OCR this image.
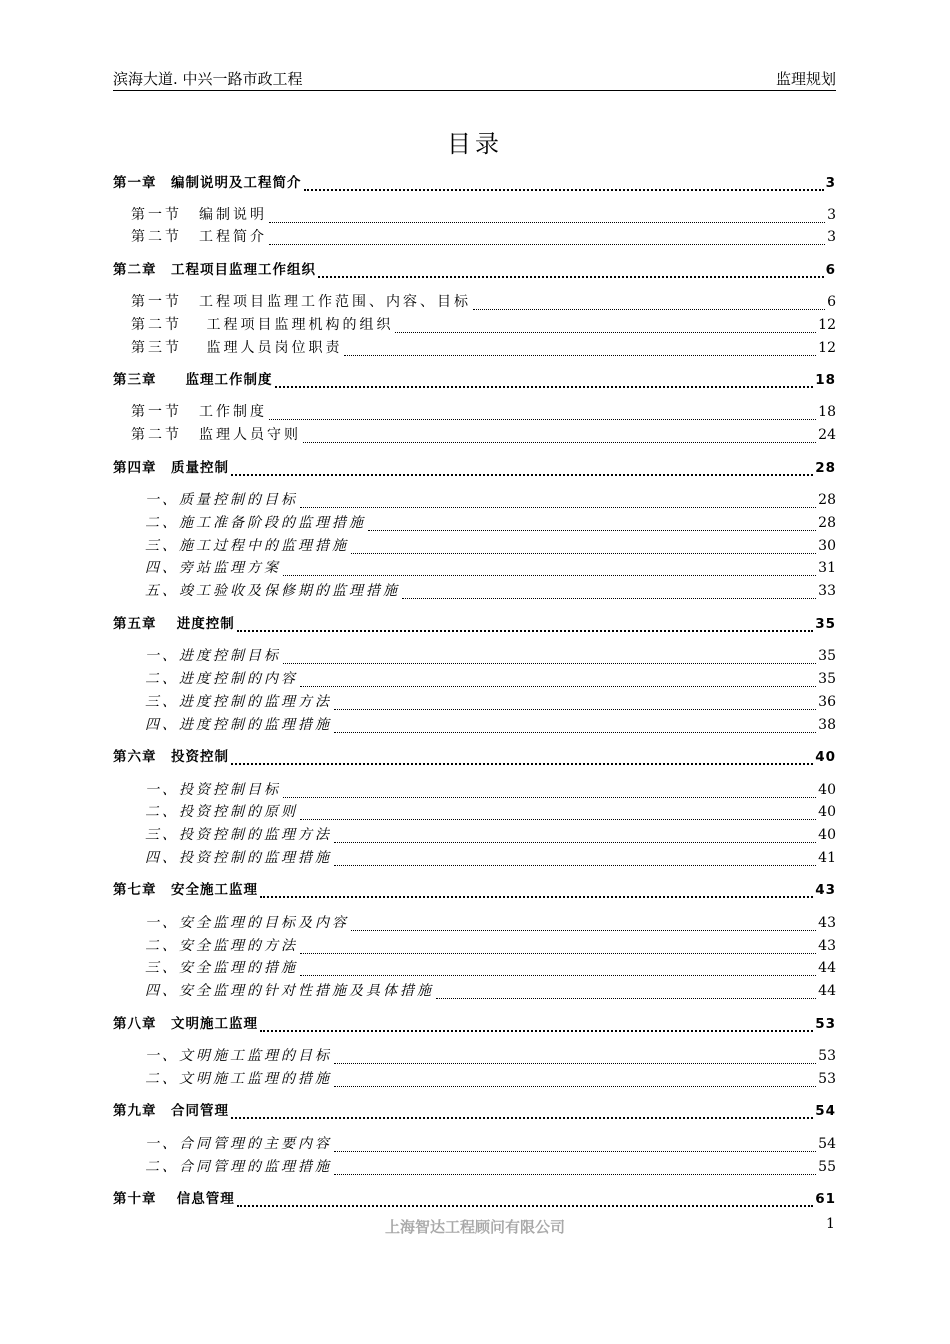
滨海大道. 中兴一路市政工程	监理规划
目录
第一章　编制说明及工程简介	3
第一节　编制说明	3
第二节　工程简介	3
第二章　工程项目监理工作组织	6
第一节　工程项目监理工作范围、内容、目标	6
第二节　 工程项目监理机构的组织	12
第三节　 监理人员岗位职责	12
第三章　　监理工作制度	18
第一节　工作制度	18
第二节　监理人员守则	24
第四章　质量控制	28
一、质量控制的目标	28
二、施工准备阶段的监理措施	28
三、施工过程中的监理措施	30
四、旁站监理方案	31
五、竣工验收及保修期的监理措施	33
第五章　 进度控制	35
一、进度控制目标	35
二、进度控制的内容	35
三、进度控制的监理方法	36
四、进度控制的监理措施	38
第六章　投资控制	40
一、投资控制目标	40
二、投资控制的原则	40
三、投资控制的监理方法	40
四、投资控制的监理措施	41
第七章　安全施工监理	43
一、安全监理的目标及内容	43
二、安全监理的方法	43
三、安全监理的措施	44
四、安全监理的针对性措施及具体措施	44
第八章　文明施工监理	53
一、文明施工监理的目标	53
二、文明施工监理的措施	53
第九章　合同管理	54
一、合同管理的主要内容	54
二、合同管理的监理措施	55
第十章　 信息管理	61
上海智达工程顾问有限公司	1
